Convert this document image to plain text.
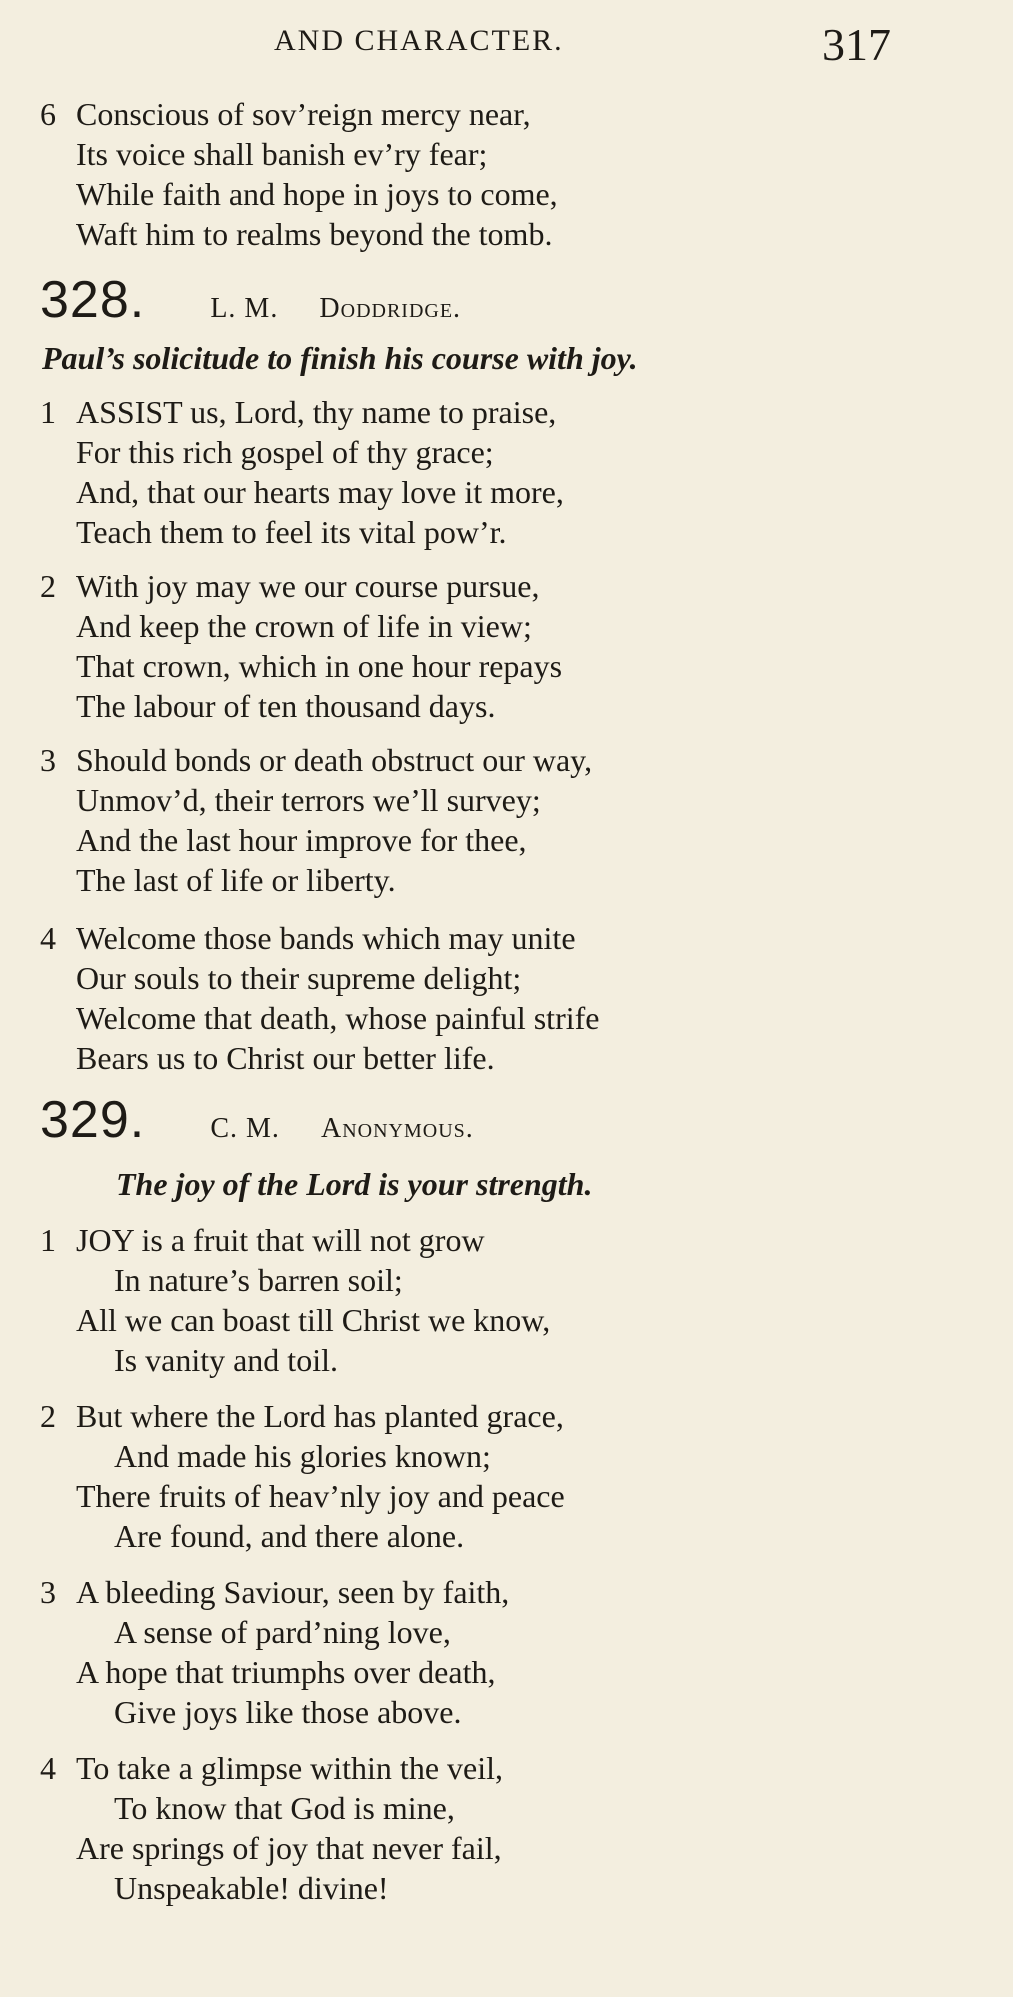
AND CHARACTER.	317
6 Conscious of sov’reign mercy near,
Its voice shall banish ev’ry fear;
While faith and hope in joys to come,
Waft him to realms beyond the tomb.
328. L. M. Doddridge.
Paul’s solicitude to finish his course with joy.
1 ASSIST us, Lord, thy name to praise,
For this rich gospel of thy grace;
And, that our hearts may love it more,
Teach them to feel its vital pow’r.
2 With joy may we our course pursue,
And keep the crown of life in view;
That crown, which in one hour repays
The labour of ten thousand days.
3 Should bonds or death obstruct our way,
Unmov’d, their terrors we’ll survey;
And the last hour improve for thee,
The last of life or liberty.
4 Welcome those bands which may unite
Our souls to their supreme delight;
Welcome that death, whose painful strife
Bears us to Christ our better life.
329. C. M. Anonymous.
The joy of the Lord is your strength.
1 JOY is a fruit that will not grow
In nature’s barren soil;
All we can boast till Christ we know,
Is vanity and toil.
2 But where the Lord has planted grace,
And made his glories known;
There fruits of heav’nly joy and peace
Are found, and there alone.
3 A bleeding Saviour, seen by faith,
A sense of pard’ning love,
A hope that triumphs over death,
Give joys like those above.
4 To take a glimpse within the veil,
To know that God is mine,
Are springs of joy that never fail,
Unspeakable! divine!
